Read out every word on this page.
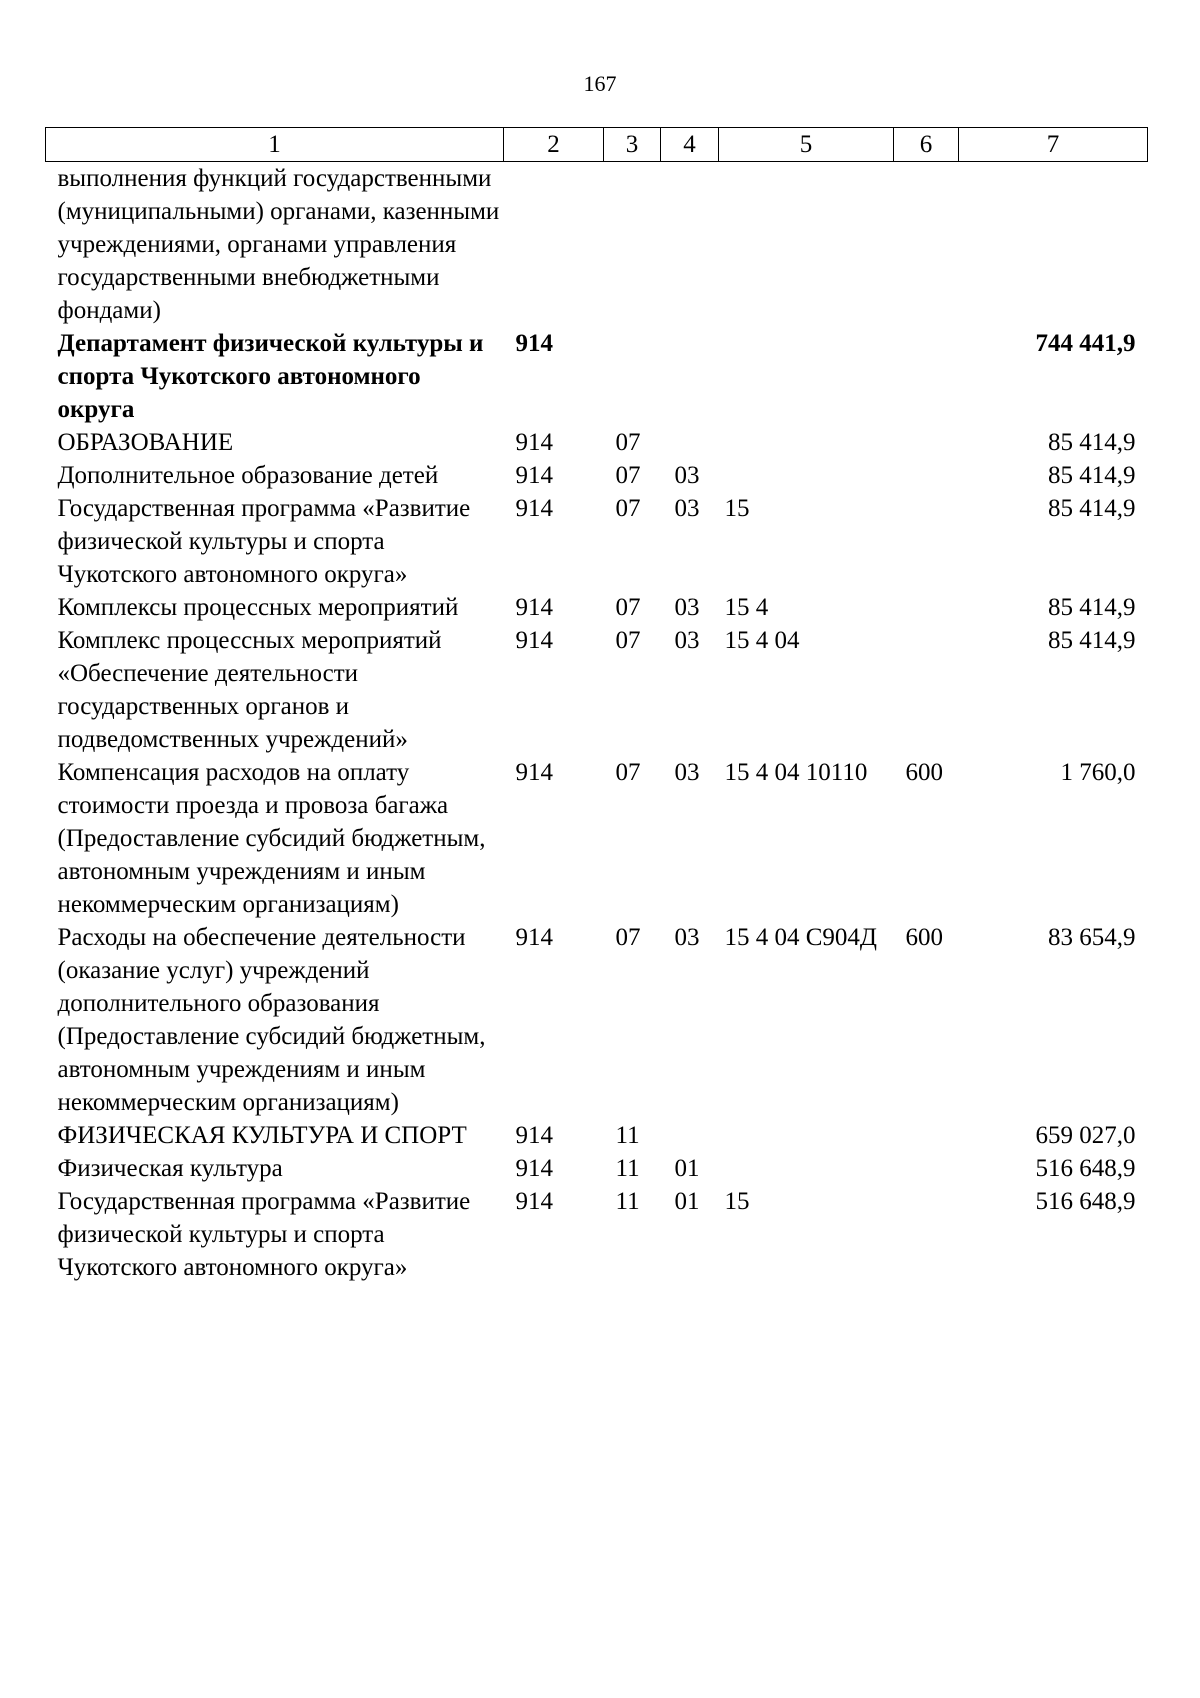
167
1	2	3	4	5	6	7
выполнения функций государственными (муниципальными) органами, казенными учреждениями, органами управления государственными внебюджетными фондами)						
Департамент физической культуры и спорта Чукотского автономного округа	914					744 441,9
ОБРАЗОВАНИЕ	914	07				85 414,9
Дополнительное образование детей	914	07	03			85 414,9
Государственная программа «Развитие физической культуры и спорта Чукотского автономного округа»	914	07	03	15		85 414,9
Комплексы процессных мероприятий	914	07	03	15 4		85 414,9
Комплекс процессных мероприятий «Обеспечение деятельности государственных органов и подведомственных учреждений»	914	07	03	15 4 04		85 414,9
Компенсация расходов на оплату стоимости проезда и провоза багажа (Предоставление субсидий бюджетным, автономным учреждениям и иным некоммерческим организациям)	914	07	03	15 4 04 10110	600	1 760,0
Расходы на обеспечение деятельности (оказание услуг) учреждений дополнительного образования (Предоставление субсидий бюджетным, автономным учреждениям и иным некоммерческим организациям)	914	07	03	15 4 04 С904Д	600	83 654,9
ФИЗИЧЕСКАЯ КУЛЬТУРА И СПОРТ	914	11				659 027,0
Физическая культура	914	11	01			516 648,9
Государственная программа «Развитие физической культуры и спорта Чукотского автономного округа»	914	11	01	15		516 648,9
